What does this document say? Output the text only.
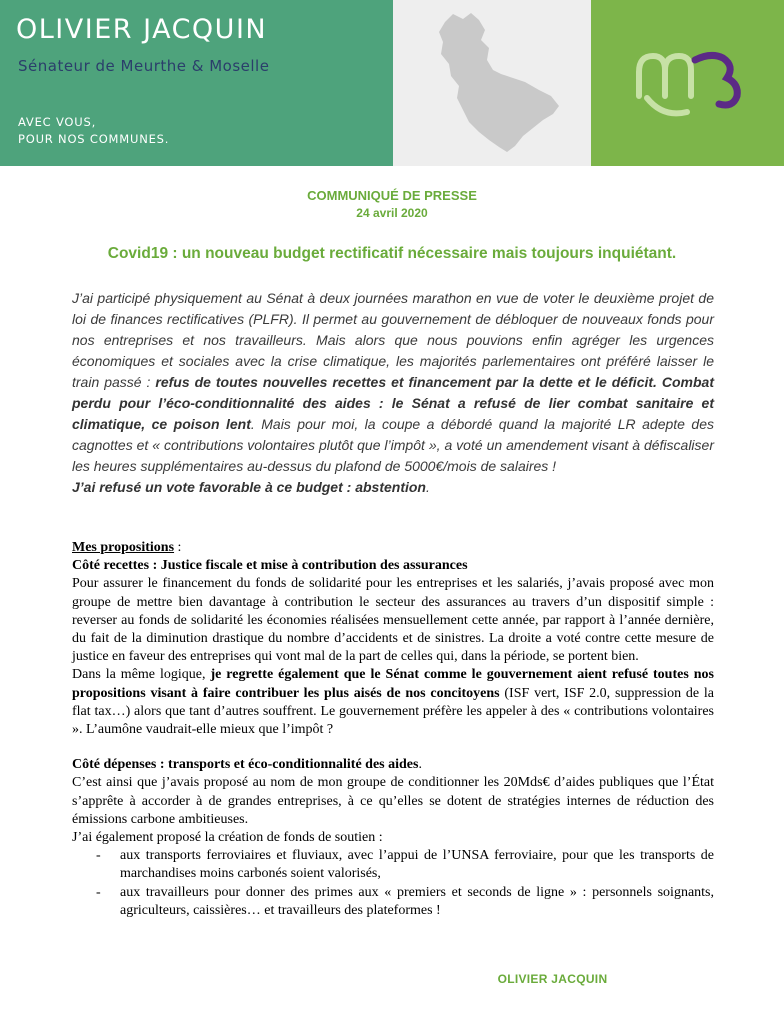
OLIVIER JACQUIN
Sénateur de Meurthe & Moselle
AVEC VOUS,
POUR NOS COMMUNES.
COMMUNIQUÉ DE PRESSE
24 avril 2020
Covid19 : un nouveau budget rectificatif nécessaire mais toujours inquiétant.

J’ai participé physiquement au Sénat à deux journées marathon en vue de voter le deuxième projet de loi de finances rectificatives (PLFR). Il permet au gouvernement de débloquer de nouveaux fonds pour nos entreprises et nos travailleurs. Mais alors que nous pouvions enfin agréger les urgences économiques et sociales avec la crise climatique, les majorités parlementaires ont préféré laisser le train passé : refus de toutes nouvelles recettes et financement par la dette et le déficit. Combat perdu pour l’éco-conditionnalité des aides : le Sénat a refusé de lier combat sanitaire et climatique, ce poison lent. Mais pour moi, la coupe a débordé quand la majorité LR adepte des cagnottes et « contributions volontaires plutôt que l’impôt », a voté un amendement visant à défiscaliser les heures supplémentaires au-dessus du plafond de 5000€/mois de salaires !
J’ai refusé un vote favorable à ce budget : abstention.

Mes propositions :

Côté recettes : Justice fiscale et mise à contribution des assurances

Pour assurer le financement du fonds de solidarité pour les entreprises et les salariés, j’avais proposé avec mon groupe de mettre bien davantage à contribution le secteur des assurances au travers d’un dispositif simple : reverser au fonds de solidarité les économies réalisées mensuellement cette année, par rapport à l’année dernière, du fait de la diminution drastique du nombre d’accidents et de sinistres. La droite a voté contre cette mesure de justice en faveur des entreprises qui vont mal de la part de celles qui, dans la période, se portent bien.

Dans la même logique, je regrette également que le Sénat comme le gouvernement aient refusé toutes nos propositions visant à faire contribuer les plus aisés de nos concitoyens (ISF vert, ISF 2.0, suppression de la flat tax…) alors que tant d’autres souffrent. Le gouvernement préfère les appeler à des « contributions volontaires ». L’aumône vaudrait-elle mieux que l’impôt ?

Côté dépenses : transports et éco-conditionnalité des aides.

C’est ainsi que j’avais proposé au nom de mon groupe de conditionner les 20Mds€ d’aides publiques que l’État s’apprête à accorder à de grandes entreprises, à ce qu’elles se dotent de stratégies internes de réduction des émissions carbone ambitieuses.

J’ai également proposé la création de fonds de soutien :

- aux transports ferroviaires et fluviaux, avec l’appui de l’UNSA ferroviaire, pour que les transports de marchandises moins carbonés soient valorisés,
- aux travailleurs pour donner des primes aux « premiers et seconds de ligne » : personnels soignants, agriculteurs, caissières… et travailleurs des plateformes !
OLIVIER JACQUIN
